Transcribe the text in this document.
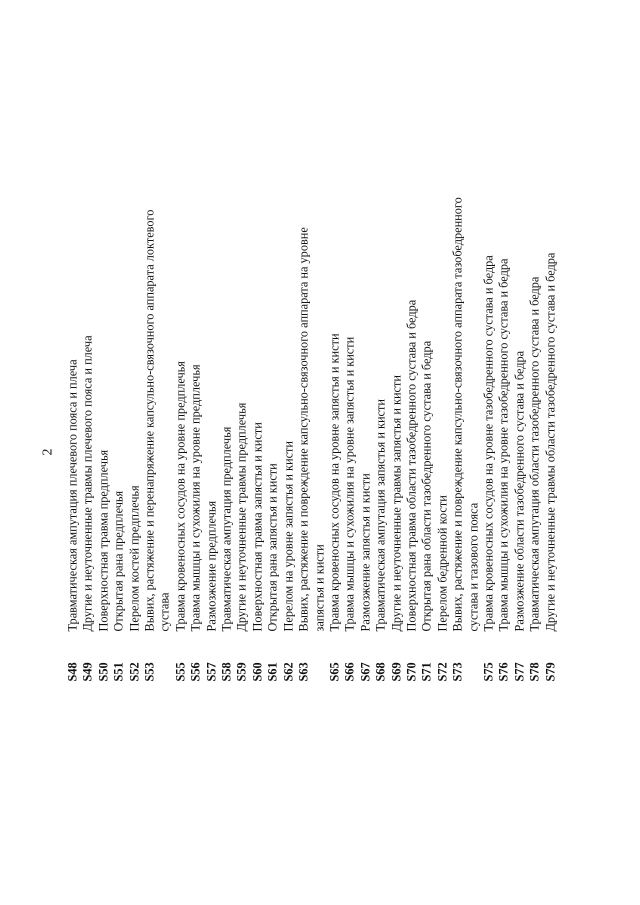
2
S48
Травматическая ампутация плечевого пояса и плеча
S49
Другие и неуточненные травмы плечевого пояса и плеча
S50
Поверхностная травма предплечья
S51
Открытая рана предплечья
S52
Перелом костей предплечья
S53
Вывих, растяжение и перенапряжение капсульно-связочного аппарата локтевого сустава
S55
Травма кровеносных сосудов на уровне предплечья
S56
Травма мышцы и сухожилия на уровне предплечья
S57
Размозжение предплечья
S58
Травматическая ампутация предплечья
S59
Другие и неуточненные травмы предплечья
S60
Поверхностная травма запястья и кисти
S61
Открытая рана запястья и кисти
S62
Перелом на уровне запястья и кисти
S63
Вывих, растяжение и повреждение капсульно-связочного аппарата на уровне запястья и кисти
S65
Травма кровеносных сосудов на уровне запястья и кисти
S66
Травма мышцы и сухожилия на уровне запястья и кисти
S67
Размозжение запястья и кисти
S68
Травматическая ампутация запястья и кисти
S69
Другие и неуточненные травмы запястья и кисти
S70
Поверхностная травма области тазобедренного сустава и бедра
S71
Открытая рана области тазобедренного сустава и бедра
S72
Перелом бедренной кости
S73
Вывих, растяжение и повреждение капсульно-связочного аппарата тазобедренного сустава и тазового пояса
S75
Травма кровеносных сосудов на уровне тазобедренного сустава и бедра
S76
Травма мышцы и сухожилия на уровне тазобедренного сустава и бедра
S77
Размозжение области тазобедренного сустава и бедра
S78
Травматическая ампутация области тазобедренного сустава и бедра
S79
Другие и неуточненные травмы области тазобедренного сустава и бедра
